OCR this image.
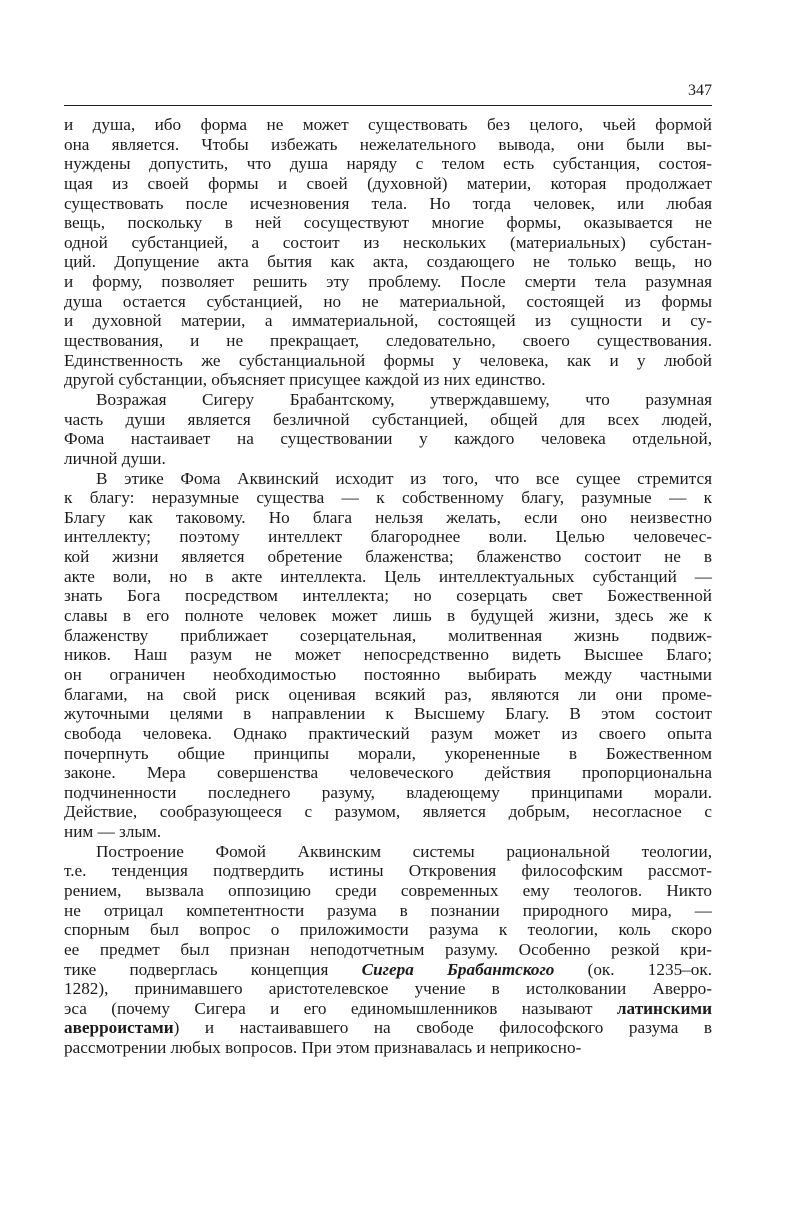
347
и душа, ибо форма не может существовать без целого, чьей формой
она является. Чтобы избежать нежелательного вывода, они были вы-
нуждены допустить, что душа наряду с телом есть субстанция, состоя-
щая из своей формы и своей (духовной) материи, которая продолжает
существовать после исчезновения тела. Но тогда человек, или любая
вещь, поскольку в ней сосуществуют многие формы, оказывается не
одной субстанцией, а состоит из нескольких (материальных) субстан-
ций. Допущение акта бытия как акта, создающего не только вещь, но
и форму, позволяет решить эту проблему. После смерти тела разумная
душа остается субстанцией, но не материальной, состоящей из формы
и духовной материи, а имматериальной, состоящей из сущности и су-
ществования, и не прекращает, следовательно, своего существования.
Единственность же субстанциальной формы у человека, как и у любой
другой субстанции, объясняет присущее каждой из них единство.
Возражая Сигеру Брабантскому, утверждавшему, что разумная
часть души является безличной субстанцией, общей для всех людей,
Фома настаивает на существовании у каждого человека отдельной,
личной души.
В этике Фома Аквинский исходит из того, что все сущее стремится
к благу: неразумные существа — к собственному благу, разумные — к
Благу как таковому. Но блага нельзя желать, если оно неизвестно
интеллекту; поэтому интеллект благороднее воли. Целью человечес-
кой жизни является обретение блаженства; блаженство состоит не в
акте воли, но в акте интеллекта. Цель интеллектуальных субстанций —
знать Бога посредством интеллекта; но созерцать свет Божественной
славы в его полноте человек может лишь в будущей жизни, здесь же к
блаженству приближает созерцательная, молитвенная жизнь подвиж-
ников. Наш разум не может непосредственно видеть Высшее Благо;
он ограничен необходимостью постоянно выбирать между частными
благами, на свой риск оценивая всякий раз, являются ли они проме-
жуточными целями в направлении к Высшему Благу. В этом состоит
свобода человека. Однако практический разум может из своего опыта
почерпнуть общие принципы морали, укорененные в Божественном
законе. Мера совершенства человеческого действия пропорциональна
подчиненности последнего разуму, владеющему принципами морали.
Действие, сообразующееся с разумом, является добрым, несогласное с
ним — злым.
Построение Фомой Аквинским системы рациональной теологии,
т.е. тенденция подтвердить истины Откровения философским рассмот-
рением, вызвала оппозицию среди современных ему теологов. Никто
не отрицал компетентности разума в познании природного мира, —
спорным был вопрос о приложимости разума к теологии, коль скоро
ее предмет был признан неподотчетным разуму. Особенно резкой кри-
тике подверглась концепция Сигера Брабантского (ок. 1235–ок.
1282), принимавшего аристотелевское учение в истолковании Аверро-
эса (почему Сигера и его единомышленников называют латинскими
аверроистами) и настаивавшего на свободе философского разума в
рассмотрении любых вопросов. При этом признавалась и неприкосно-
